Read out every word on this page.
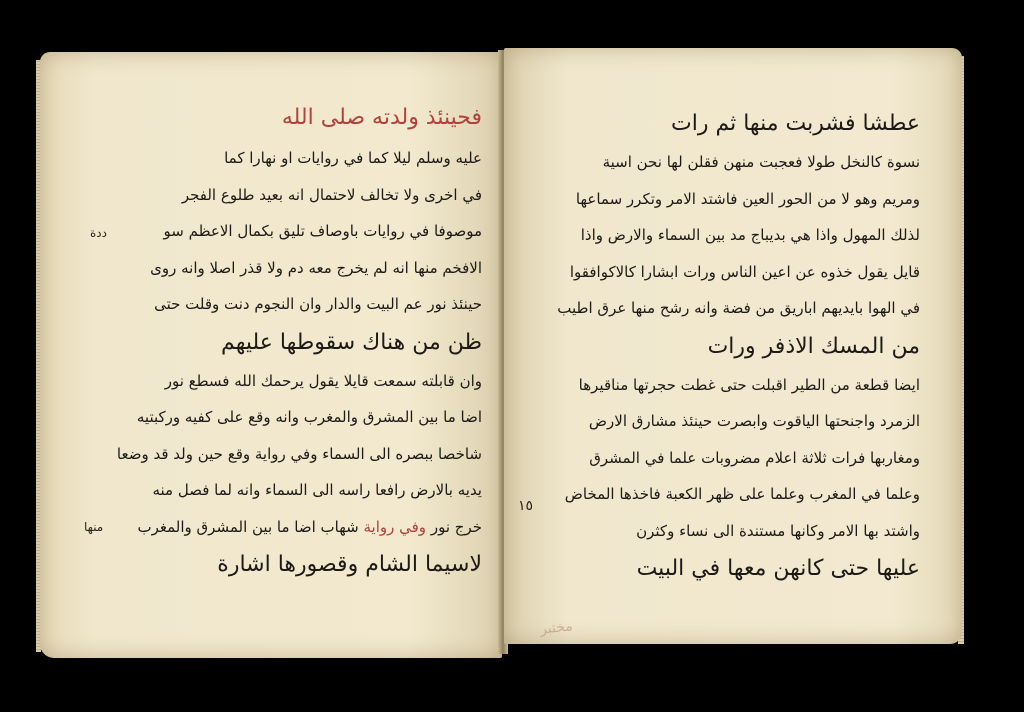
فحينئذ ولدته صلى الله
عليه وسلم ليلا كما في روايات او نهارا كما
في اخرى ولا تخالف لاحتمال انه بعيد طلوع الفجر
موصوفا في روايات باوصاف تليق بكمال الاعظم سو
الافخم منها انه لم يخرج معه دم ولا قذر اصلا وانه روى
حينئذ نور عم البيت والدار وان النجوم دنت وقلت حتى
ظن من هناك سقوطها عليهم
وان قابلته سمعت قايلا يقول يرحمك الله فسطع نور
اضا ما بين المشرق والمغرب وانه وقع على كفيه وركبتيه
شاخصا ببصره الى السماء وفي رواية وقع حين ولد قد وضعا
يديه بالارض رافعا راسه الى السماء وانه لما فصل منه
خرج نور وفي رواية شهاب اضا ما بين المشرق والمغرب
لاسيما الشام وقصورها اشارة
ددة
منها
عطشا فشربت منها ثم رات
نسوة كالنخل طولا فعجبت منهن فقلن لها نحن اسية
ومريم وهو لا من الحور العين فاشتد الامر وتكرر سماعها
لذلك المهول واذا هي بديباج مد بين السماء والارض واذا
قايل يقول خذوه عن اعين الناس ورات ابشارا كالاكوافقوا
في الهوا بايديهم اباريق من فضة وانه رشح منها عرق اطيب
من المسك الاذفر ورات
ايضا قطعة من الطير اقبلت حتى غطت حجرتها مناقيرها
الزمرد واجنحتها الياقوت وابصرت حينئذ مشارق الارض
ومغاربها فرات ثلاثة اعلام مضروبات علما في المشرق
وعلما في المغرب وعلما على ظهر الكعبة فاخذها المخاض
واشتد بها الامر وكانها مستندة الى نساء وكثرن
عليها حتى كانهن معها في البيت
١٥
مختبر
